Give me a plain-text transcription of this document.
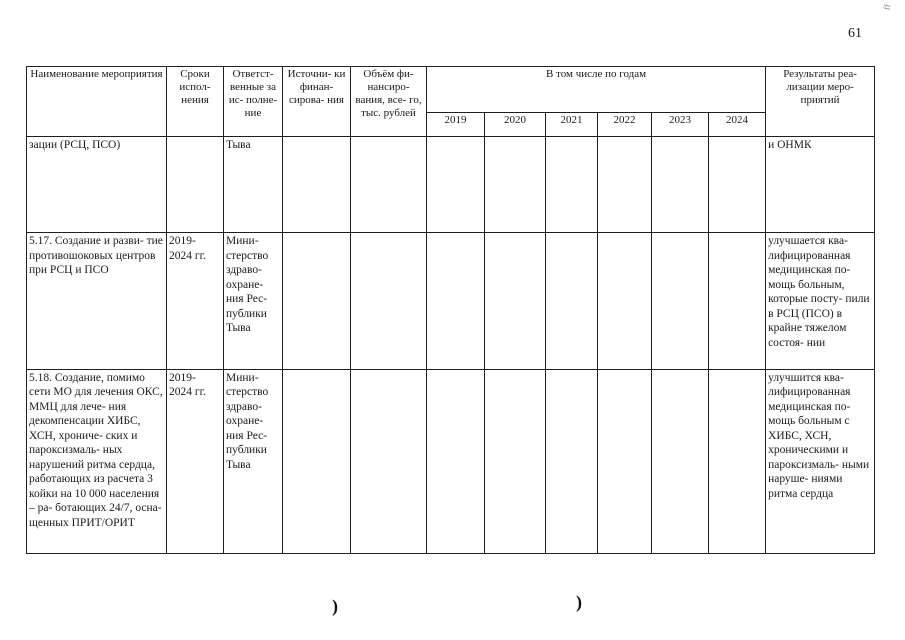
61
ff
Наименование мероприятия	Сроки испол- нения	Ответст- венные за ис- полне- ние	Источни- ки финан- сирова- ния	Объём фи- нансиро- вания, все- го, тыс. рублей	В том числе по годам						Результаты реа- лизации меро- приятий
					2019	2020	2021	2022	2023	2024	
зации (РСЦ, ПСО)		Тыва									и ОНМК
5.17. Создание и разви- тие противошоковых центров при РСЦ и ПСО	2019- 2024 гг.	Мини- стерство здраво- охране- ния Рес- публики Тыва									улучшается ква- лифицированная медицинская по- мощь больным, которые посту- пили в РСЦ (ПСО) в крайне тяжелом состоя- нии
5.18. Создание, помимо сети МО для лечения ОКС, ММЦ для лече- ния декомпенсации ХИБС, ХСН, хрониче- ских и пароксизмаль- ных нарушений ритма сердца, работающих из расчета 3 койки на 10 000 населения – ра- ботающих 24/7, осна- щенных ПРИТ/ОРИТ	2019- 2024 гг.	Мини- стерство здраво- охране- ния Рес- публики Тыва									улучшится ква- лифицированная медицинская по- мощь больным с ХИБС, ХСН, хроническими и пароксизмаль- ными наруше- ниями ритма сердца
)	)
